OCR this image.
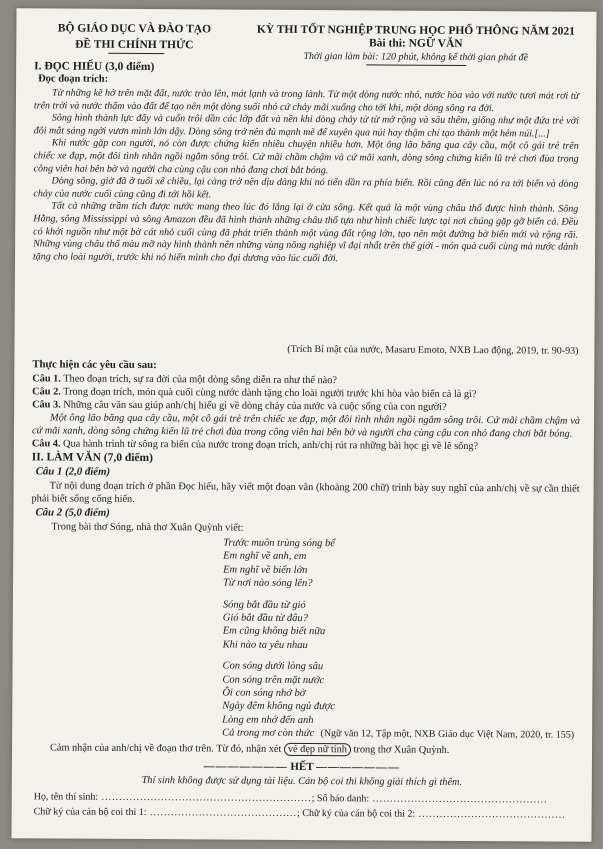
BỘ GIÁO DỤC VÀ ĐÀO TẠO
ĐỀ THI CHÍNH THỨC
KỲ THI TỐT NGHIỆP TRUNG HỌC PHỔ THÔNG NĂM 2021
Bài thi: NGỮ VĂN
Thời gian làm bài: 120 phút, không kể thời gian phát đề
I. ĐỌC HIỂU (3,0 điểm)
Đọc đoạn trích:

Từ những kẽ hở trên mặt đất, nước trào lên, mát lạnh và trong lành. Từ một dòng nước nhỏ, nước hòa vào với nước tươi mát rơi từ trên trời và nước thấm vào đất để tạo nên một dòng suối nhỏ cứ chảy mãi xuống cho tới khi, một dòng sông ra đời.

Sông hình thành lực đẩy và cuốn trôi dần các lớp đất và nền khi dòng chảy từ từ mở rộng và sâu thêm, giống như một đứa trẻ với đôi mắt sáng ngời vươn mình lớn dậy. Dòng sông trở nên đủ mạnh mẽ để xuyên qua núi hay thậm chí tạo thành một hẻm núi.[...]

Khi nước gặp con người, nó còn được chứng kiến nhiều chuyện nhiều hơn. Một ông lão băng qua cây cầu, một cô gái trẻ trên chiếc xe đạp, một đôi tình nhân ngồi ngắm sông trôi. Cứ mãi chầm chậm và cứ mãi xanh, dòng sông chứng kiến lũ trẻ chơi đùa trong công viên hai bên bờ và người cha cùng cậu con nhỏ đang chơi bắt bóng.

Dòng sông, giờ đã ở tuổi xế chiều, lại càng trở nên dịu dàng khi nó tiến dần ra phía biển. Rồi cũng đến lúc nó ra tới biển và dòng chảy của nước cuối cùng cũng đi tới hồi kết.

Tất cả những trầm tích được nước mang theo lúc đó lắng lại ở cửa sông. Kết quả là một vùng châu thổ được hình thành. Sông Hằng, sông Mississippi và sông Amazon đều đã hình thành những châu thổ tựa như hình chiếc lược tại nơi chúng gặp gỡ biển cả. Đều có khởi nguồn như một bờ cát nhỏ cuối cùng đã phát triển thành một vùng đất rộng lớn, tạo nên một đường bờ biển mới và rộng rãi. Những vùng châu thổ màu mỡ này hình thành nên những vùng nông nghiệp vĩ đại nhất trên thế giới - món quà cuối cùng mà nước dành tặng cho loài người, trước khi nó hiến mình cho đại dương vào lúc cuối đời.

(Trích Bí mật của nước, Masaru Emoto, NXB Lao động, 2019, tr. 90-93)
Thực hiện các yêu cầu sau:

Câu 1. Theo đoạn trích, sự ra đời của một dòng sông diễn ra như thế nào?

Câu 2. Trong đoạn trích, món quà cuối cùng nước dành tặng cho loài người trước khi hòa vào biển cả là gì?

Câu 3. Những câu văn sau giúp anh/chị hiểu gì về dòng chảy của nước và cuộc sống của con người?

Một ông lão băng qua cây cầu, một cô gái trẻ trên chiếc xe đạp, một đôi tình nhân ngồi ngắm sông trôi. Cứ mãi chầm chậm và cứ mãi xanh, dòng sông chứng kiến lũ trẻ chơi đùa trong công viên hai bên bờ và người cha cùng cậu con nhỏ đang chơi bắt bóng.

Câu 4. Qua hành trình từ sông ra biển của nước trong đoạn trích, anh/chị rút ra những bài học gì về lẽ sống?

II. LÀM VĂN (7,0 điểm)
Câu 1 (2,0 điểm)
Từ nội dung đoạn trích ở phần Đọc hiểu, hãy viết một đoạn văn (khoảng 200 chữ) trình bày suy nghĩ của anh/chị về sự cần thiết phải biết sống cống hiến.
Câu 2 (5,0 điểm)
Trong bài thơ Sóng, nhà thơ Xuân Quỳnh viết:
Trước muôn trùng sóng bể
Em nghĩ về anh, em
Em nghĩ về biển lớn
Từ nơi nào sóng lên?
Sóng bắt đầu từ gió
Gió bắt đầu từ đâu?
Em cũng không biết nữa
Khi nào ta yêu nhau
Con sóng dưới lòng sâu
Con sóng trên mặt nước
Ôi con sóng nhớ bờ
Ngày đêm không ngủ được
Lòng em nhớ đến anh
Cả trong mơ còn thức (Ngữ văn 12, Tập một, NXB Giáo dục Việt Nam, 2020, tr. 155)
Cảm nhận của anh/chị về đoạn thơ trên. Từ đó, nhận xét vẻ đẹp nữ tính trong thơ Xuân Quỳnh.
——————— HẾT ———————
Thí sinh không được sử dụng tài liệu. Cán bộ coi thi không giải thích gì thêm.
Họ, tên thí sinh: ............................................................; Số báo danh: ..................................................
Chữ ký của cán bộ coi thi 1: ..........................................; Chữ ký của cán bộ coi thi 2: ..........................................
